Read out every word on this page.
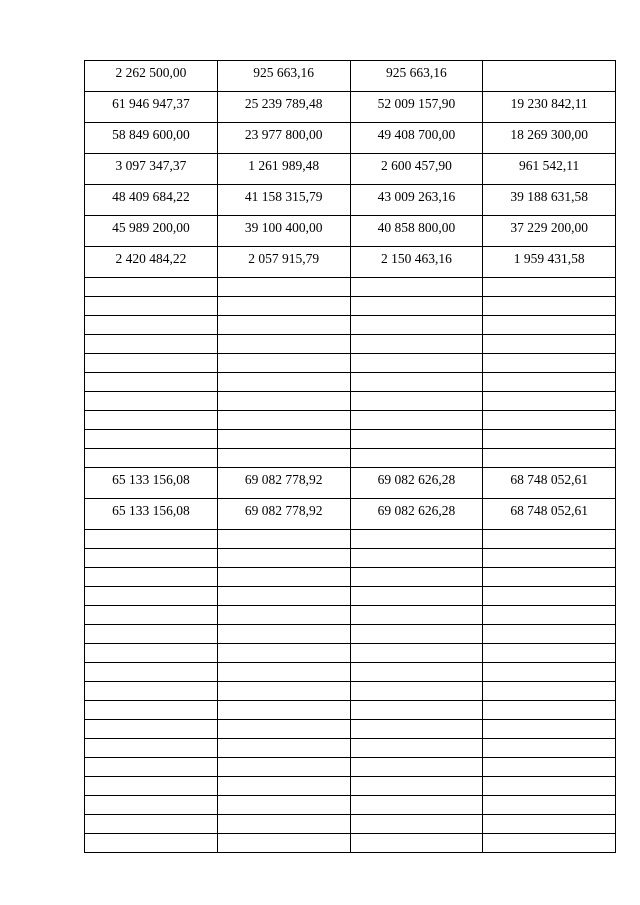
2 262 500,00	925 663,16	925 663,16	

61 946 947,37	25 239 789,48	52 009 157,90	19 230 842,11

58 849 600,00	23 977 800,00	49 408 700,00	18 269 300,00

3 097 347,37	1 261 989,48	2 600 457,90	961 542,11

48 409 684,22	41 158 315,79	43 009 263,16	39 188 631,58

45 989 200,00	39 100 400,00	40 858 800,00	37 229 200,00

2 420 484,22	2 057 915,79	2 150 463,16	1 959 431,58

65 133 156,08	69 082 778,92	69 082 626,28	68 748 052,61

65 133 156,08	69 082 778,92	69 082 626,28	68 748 052,61
